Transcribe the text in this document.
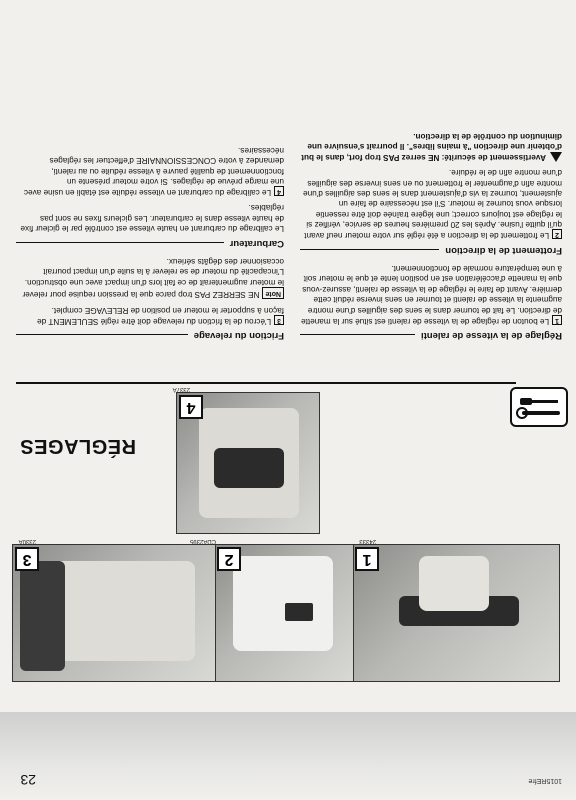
23	1015REfre
1
24333
2
CDA2395
3
2330A
4
2337A
RÉGLAGES
Réglage de la vitesse de ralenti

1Le bouton de réglage de la vitesse de ralenti est situé sur la manette de direction. Le fait de tourner dans le sens des aiguilles d'une montre augmente la vitesse de ralenti et tourner en sens inverse réduit cette dernière. Avant de faire le réglage de la vitesse de ralenti, assurez-vous que la manette d'accélération est en position lente et que le moteur soit à une température normale de fonctionnement.

Frottement de la direction

2Le frottement de la direction a été réglé sur votre moteur neuf avant qu'il quitte l'usine. Après les 20 premières heures de service, vérifiez si le réglage est toujours correct; une légère traînée doit être ressentie lorsque vous tournez le moteur. S'il est nécessaire de faire un ajustement, tournez la vis d'ajustement dans le sens des aiguilles d'une montre afin d'augmenter le frottement ou en sens inverse des aiguilles d'une montre afin de le réduire.

Avertissement de sécurité: NE serrez PAS trop fort, dans le but d'obtenir une direction "à mains libres". Il pourrait s'ensuivre une diminution du contrôle de la direction.

Friction du relevage

3L'écrou de la friction du relevage doit être réglé SEULEMENT de façon à supporter le moteur en position de RELEVAGE complet.

NoteNE SERREZ PAS trop parce que la pression requise pour relever le moteur augmenterait de ce fait lors d'un impact avec une obstruction. L'incapacité du moteur de se relever à la suite d'un impact pourrait occasionner des dégâts sérieux.

Carburateur

Le calibrage du carburant en haute vitesse est contrôlé par le gicleur fixe de haute vitesse dans le carburateur. Les gicleurs fixes ne sont pas réglables.

4Le calibrage du carburant en vitesse réduite est établi en usine avec une marge prévue de réglages. Si votre moteur présente un fonctionnement de qualité pauvre à vitesse réduite ou au ralenti, demandez à votre CONCESSIONNAIRE d'effectuer les réglages nécessaires.
